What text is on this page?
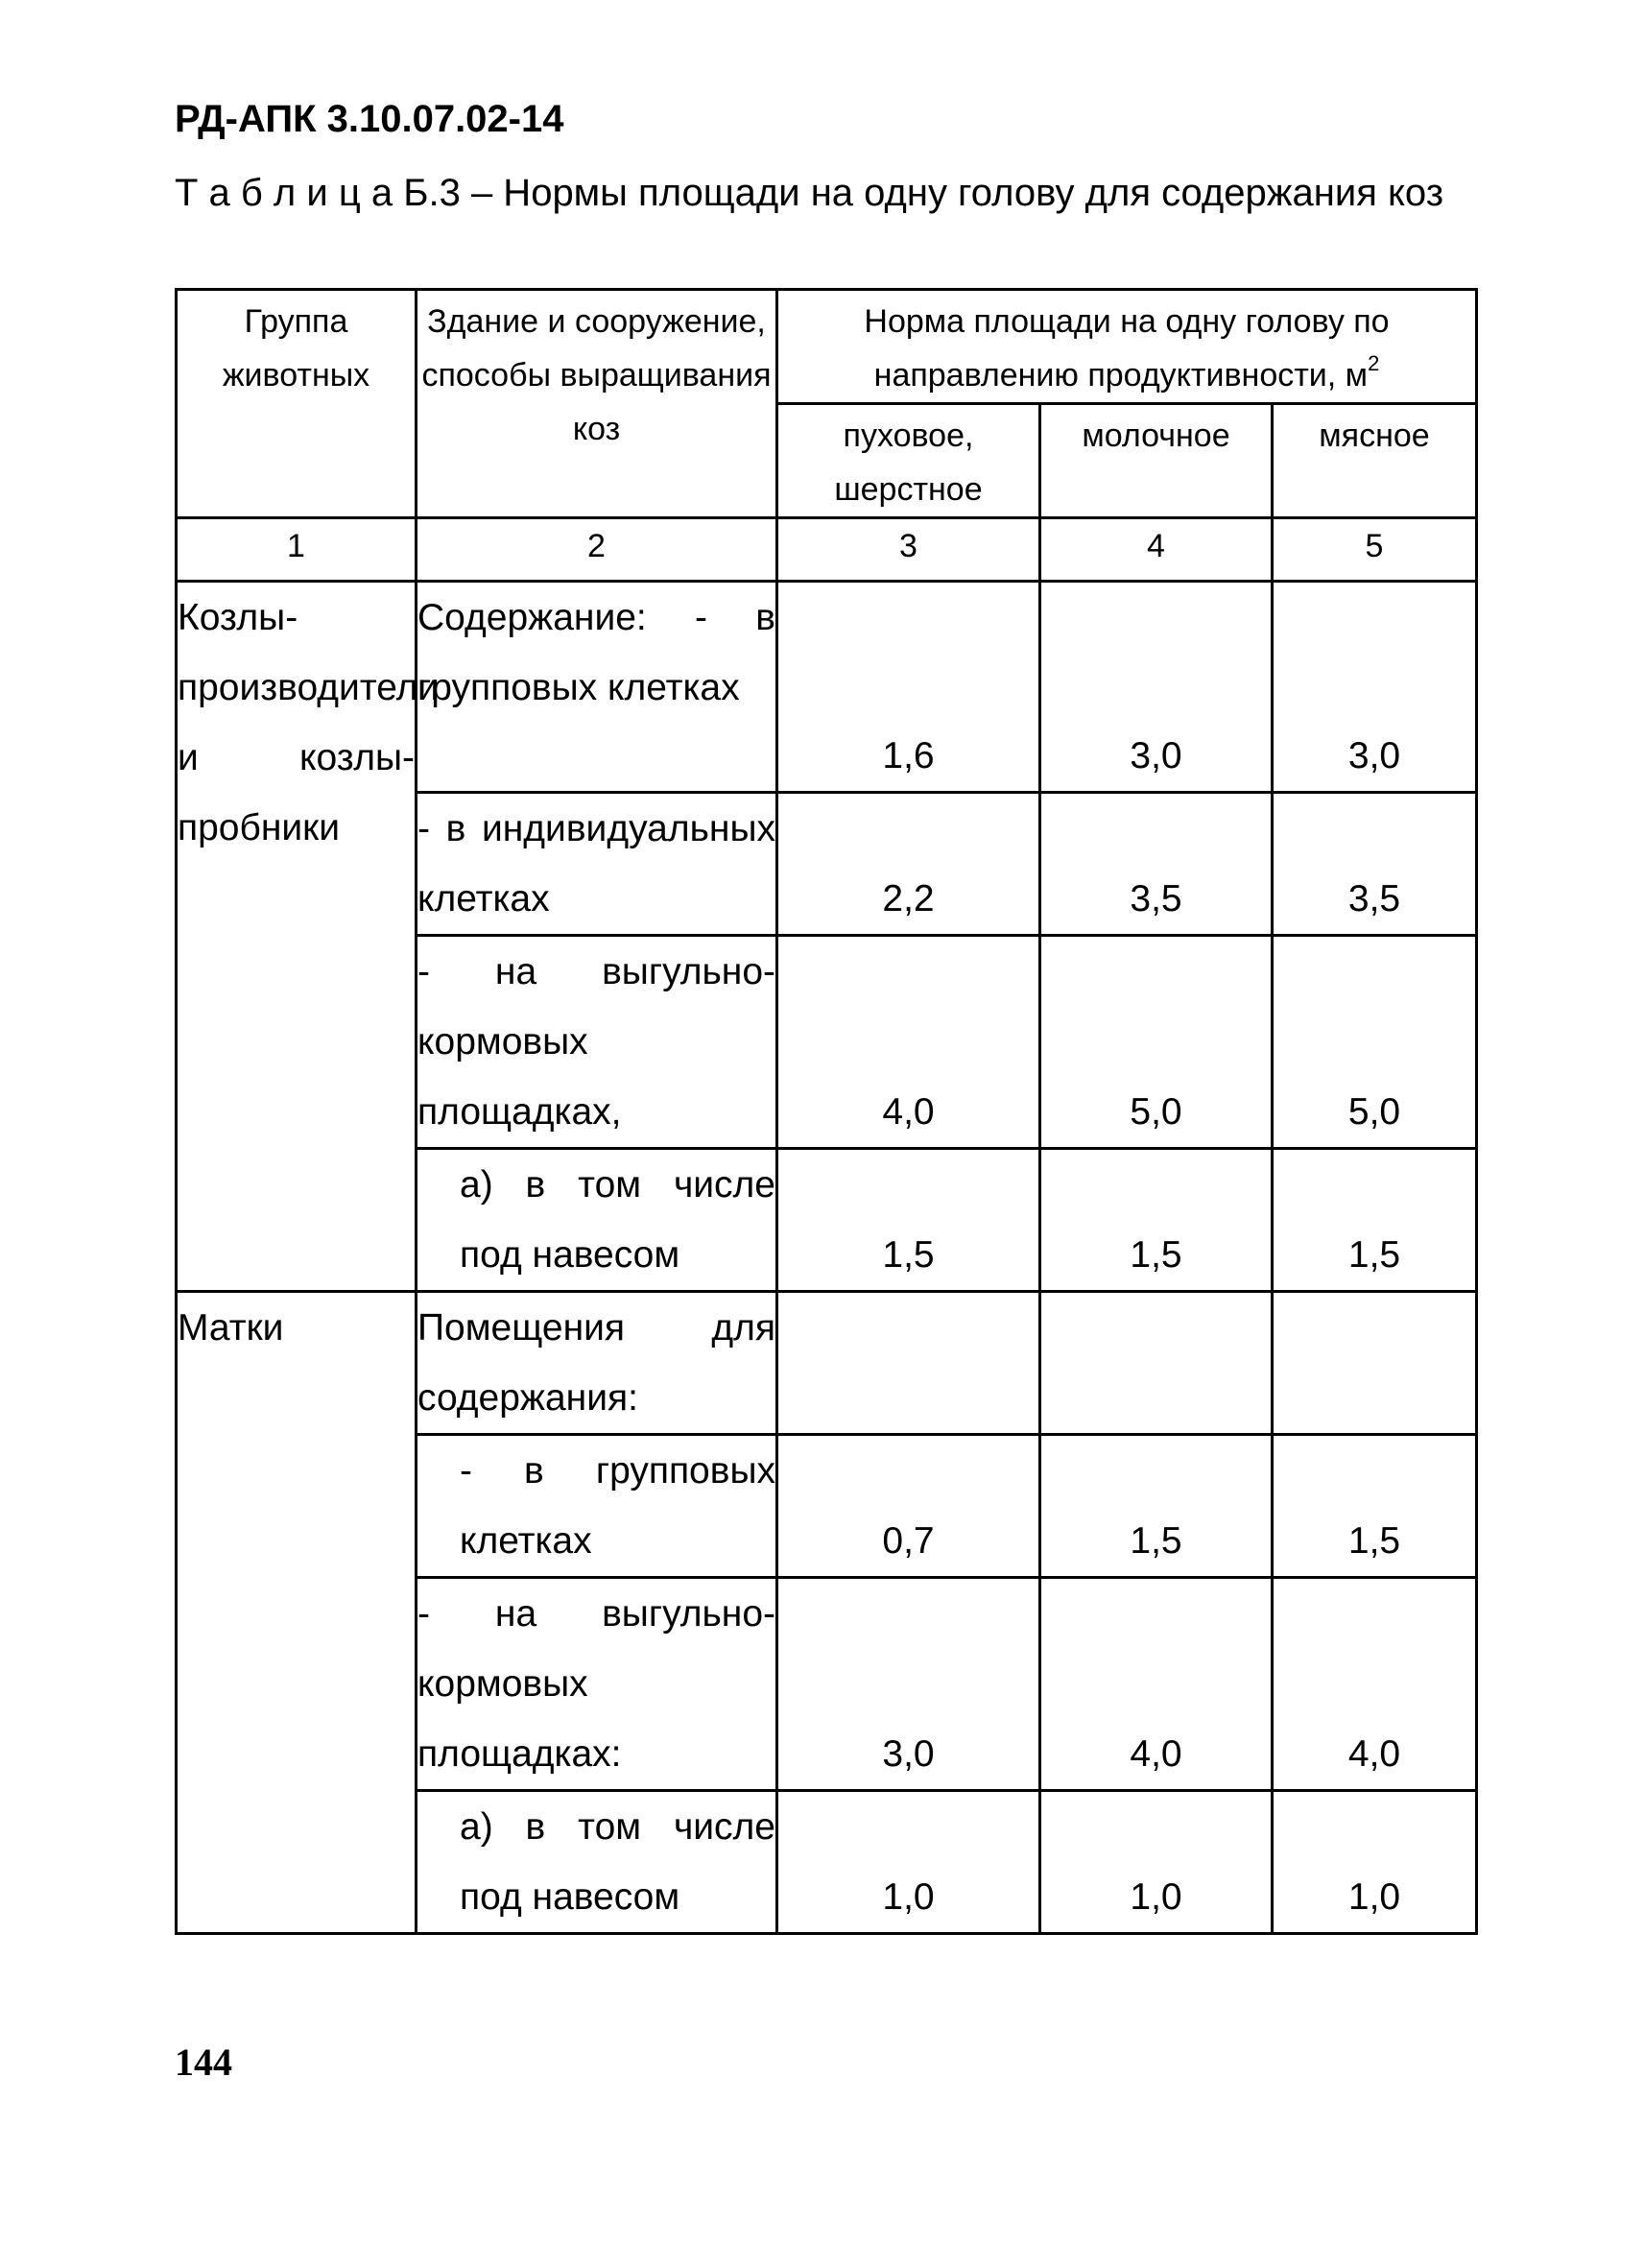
РД-АПК 3.10.07.02-14
Т а б л и ц а Б.3 – Нормы площади на одну голову для содержания коз
Группа животных	Здание и сооружение, способы выращивания коз	Норма площади на одну голову по направлению продуктивности, $м^2$
		пуховое, шерстное	молочное	мясное
1	2	3	4	5
Козлы-производители и козлы-пробники	Содержание: - в групповых клетках	1,6	3,0	3,0
	- в индивидуальных клетках	2,2	3,5	3,5
	- на выгульно-кормовых площадках,	4,0	5,0	5,0
	а) в том числе под навесом	1,5	1,5	1,5
Матки	Помещения для содержания:			
	- в групповых клетках	0,7	1,5	1,5
	- на выгульно-кормовых площадках:	3,0	4,0	4,0
	а) в том числе под навесом	1,0	1,0	1,0
144
